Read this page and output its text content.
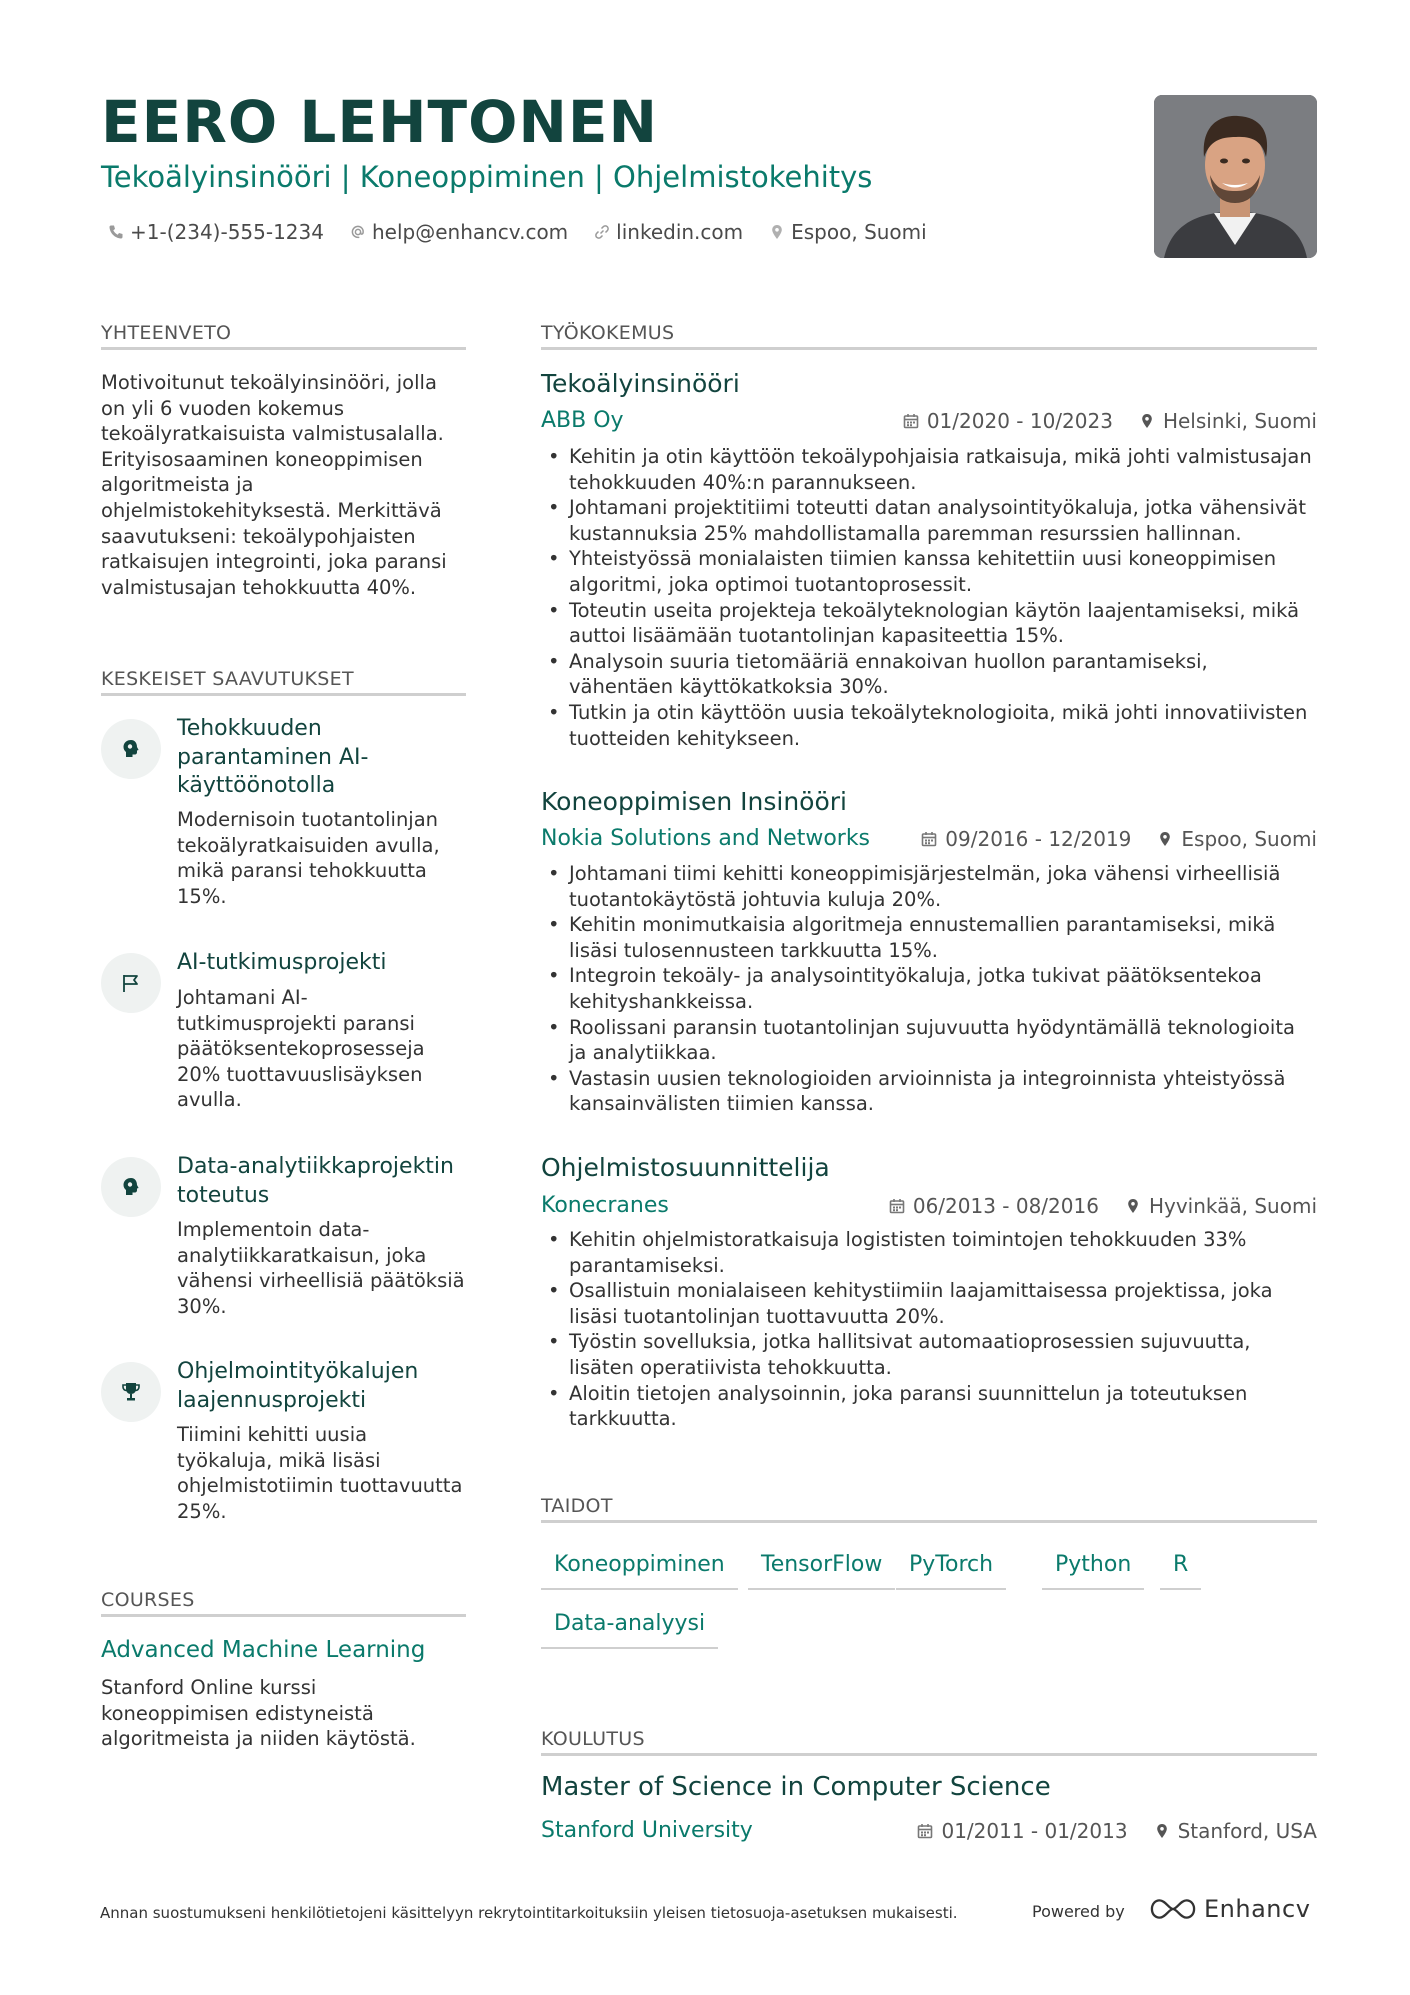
EERO LEHTONEN
Tekoälyinsinööri | Koneoppiminen | Ohjelmistokehitys
+1-(234)-555-1234 help@enhancv.com linkedin.com Espoo, Suomi
YHTEENVETO
Motivoitunut tekoälyinsinööri, jolla
on yli 6 vuoden kokemus
tekoälyratkaisuista valmistusalalla.
Erityisosaaminen koneoppimisen
algoritmeista ja
ohjelmistokehityksestä. Merkittävä
saavutukseni: tekoälypohjaisten
ratkaisujen integrointi, joka paransi
valmistusajan tehokkuutta 40%.
KESKEISET SAAVUTUKSET
Tehokkuuden
parantaminen AI-
käyttöönotolla
Modernisoin tuotantolinjan
tekoälyratkaisuiden avulla,
mikä paransi tehokkuutta
15%.
AI-tutkimusprojekti
Johtamani AI-
tutkimusprojekti paransi
päätöksentekoprosesseja
20% tuottavuuslisäyksen
avulla.
Data-analytiikkaprojektin
toteutus
Implementoin data-
analytiikkaratkaisun, joka
vähensi virheellisiä päätöksiä
30%.
Ohjelmointityökalujen
laajennusprojekti
Tiimini kehitti uusia
työkaluja, mikä lisäsi
ohjelmistotiimin tuottavuutta
25%.
COURSES
Advanced Machine Learning
Stanford Online kurssi
koneoppimisen edistyneistä
algoritmeista ja niiden käytöstä.
TYÖKOKEMUS
Tekoälyinsinööri
ABB Oy	01/2020 - 10/2023	Helsinki, Suomi
• Kehitin ja otin käyttöön tekoälypohjaisia ratkaisuja, mikä johti valmistusajan
tehokkuuden 40%:n parannukseen.
• Johtamani projektitiimi toteutti datan analysointityökaluja, jotka vähensivät
kustannuksia 25% mahdollistamalla paremman resurssien hallinnan.
• Yhteistyössä monialaisten tiimien kanssa kehitettiin uusi koneoppimisen
algoritmi, joka optimoi tuotantoprosessit.
• Toteutin useita projekteja tekoälyteknologian käytön laajentamiseksi, mikä
auttoi lisäämään tuotantolinjan kapasiteettia 15%.
• Analysoin suuria tietomääriä ennakoivan huollon parantamiseksi,
vähentäen käyttökatkoksia 30%.
• Tutkin ja otin käyttöön uusia tekoälyteknologioita, mikä johti innovatiivisten
tuotteiden kehitykseen.
Koneoppimisen Insinööri
Nokia Solutions and Networks	09/2016 - 12/2019	Espoo, Suomi
• Johtamani tiimi kehitti koneoppimisjärjestelmän, joka vähensi virheellisiä
tuotantokäytöstä johtuvia kuluja 20%.
• Kehitin monimutkaisia algoritmeja ennustemallien parantamiseksi, mikä
lisäsi tulosennusteen tarkkuutta 15%.
• Integroin tekoäly- ja analysointityökaluja, jotka tukivat päätöksentekoa
kehityshankkeissa.
• Roolissani paransin tuotantolinjan sujuvuutta hyödyntämällä teknologioita
ja analytiikkaa.
• Vastasin uusien teknologioiden arvioinnista ja integroinnista yhteistyössä
kansainvälisten tiimien kanssa.
Ohjelmistosuunnittelija
Konecranes	06/2013 - 08/2016	Hyvinkää, Suomi
• Kehitin ohjelmistoratkaisuja logististen toimintojen tehokkuuden 33%
parantamiseksi.
• Osallistuin monialaiseen kehitystiimiin laajamittaisessa projektissa, joka
lisäsi tuotantolinjan tuottavuutta 20%.
• Työstin sovelluksia, jotka hallitsivat automaatioprosessien sujuvuutta,
lisäten operatiivista tehokkuutta.
• Aloitin tietojen analysoinnin, joka paransi suunnittelun ja toteutuksen
tarkkuutta.
TAIDOT
Koneoppiminen	TensorFlow	PyTorch	Python	R
Data-analyysi
KOULUTUS
Master of Science in Computer Science
Stanford University	01/2011 - 01/2013	Stanford, USA
Annan suostumukseni henkilötietojeni käsittelyyn rekrytointitarkoituksiin yleisen tietosuoja-asetuksen mukaisesti.	Powered by	Enhancv
